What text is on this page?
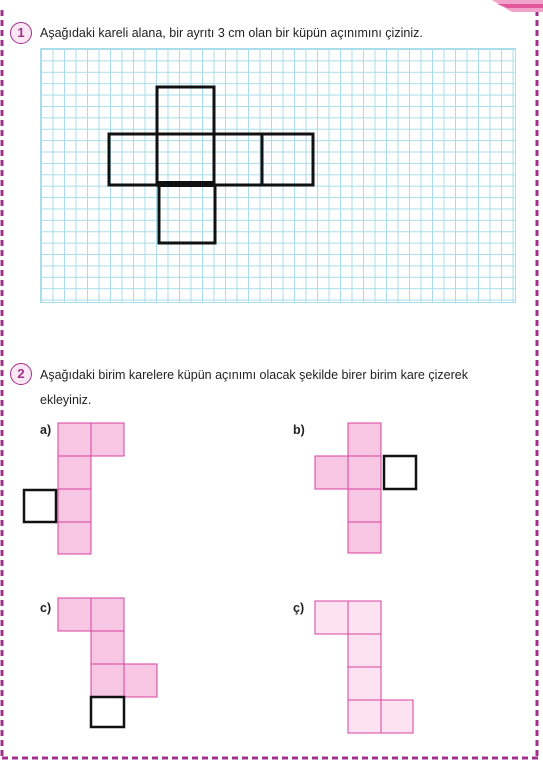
1	Aşağıdaki kareli alana, bir ayrıtı 3 cm olan bir küpün açınımını çiziniz.
2	Aşağıdaki birim karelere küpün açınımı olacak şekilde birer birim kare çizerek
ekleyiniz.
a)	b)
c)	ç)
